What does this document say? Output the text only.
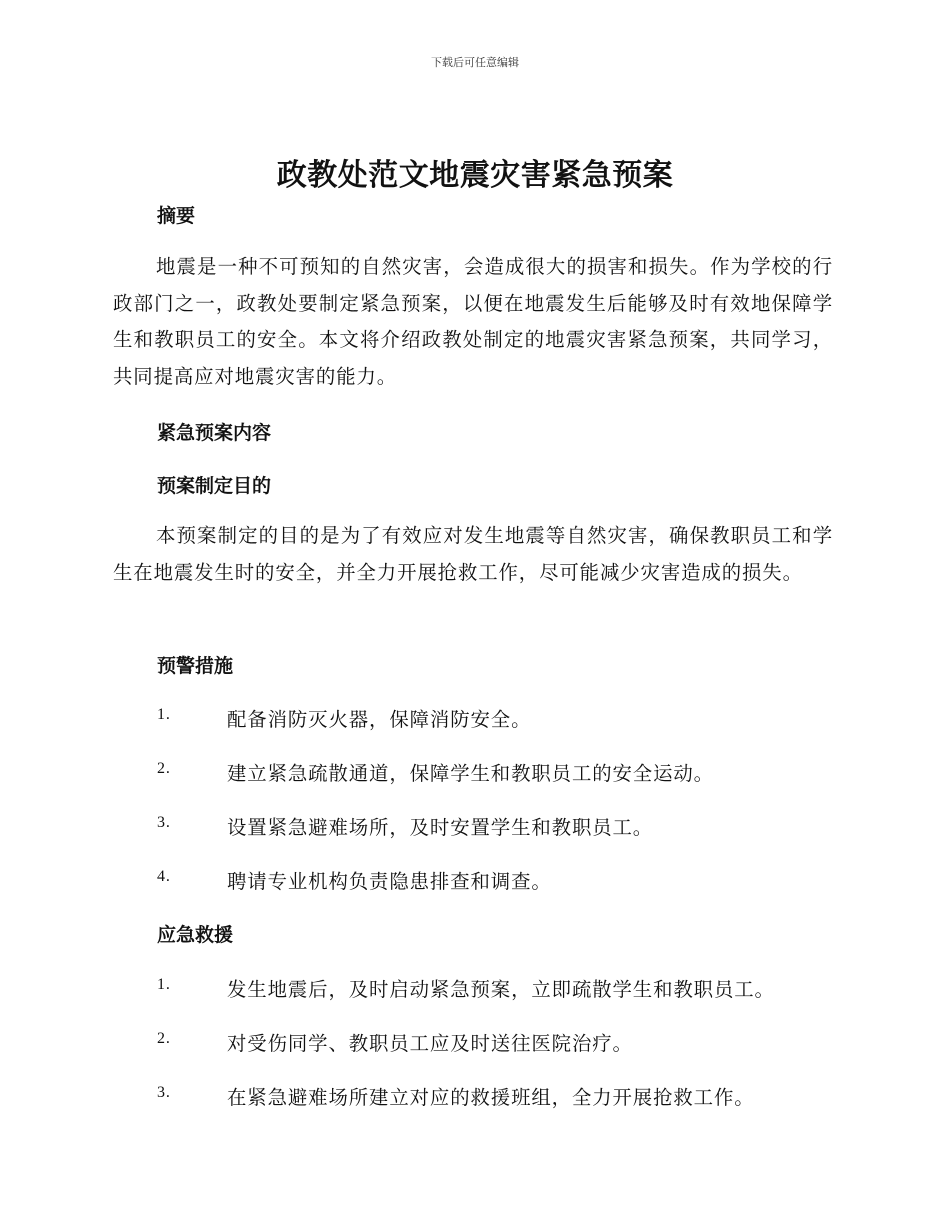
下载后可任意编辑
政教处范文地震灾害紧急预案
摘要
地震是一种不可预知的自然灾害，会造成很大的损害和损失。作为学校的行政部门之一，政教处要制定紧急预案，以便在地震发生后能够及时有效地保障学生和教职员工的安全。本文将介绍政教处制定的地震灾害紧急预案，共同学习，共同提高应对地震灾害的能力。
紧急预案内容
预案制定目的
本预案制定的目的是为了有效应对发生地震等自然灾害，确保教职员工和学生在地震发生时的安全，并全力开展抢救工作，尽可能减少灾害造成的损失。
预警措施
1.	配备消防灭火器，保障消防安全。
2.	建立紧急疏散通道，保障学生和教职员工的安全运动。
3.	设置紧急避难场所，及时安置学生和教职员工。
4.	聘请专业机构负责隐患排查和调查。
应急救援
1.	发生地震后，及时启动紧急预案，立即疏散学生和教职员工。
2.	对受伤同学、教职员工应及时送往医院治疗。
3.	在紧急避难场所建立对应的救援班组，全力开展抢救工作。
